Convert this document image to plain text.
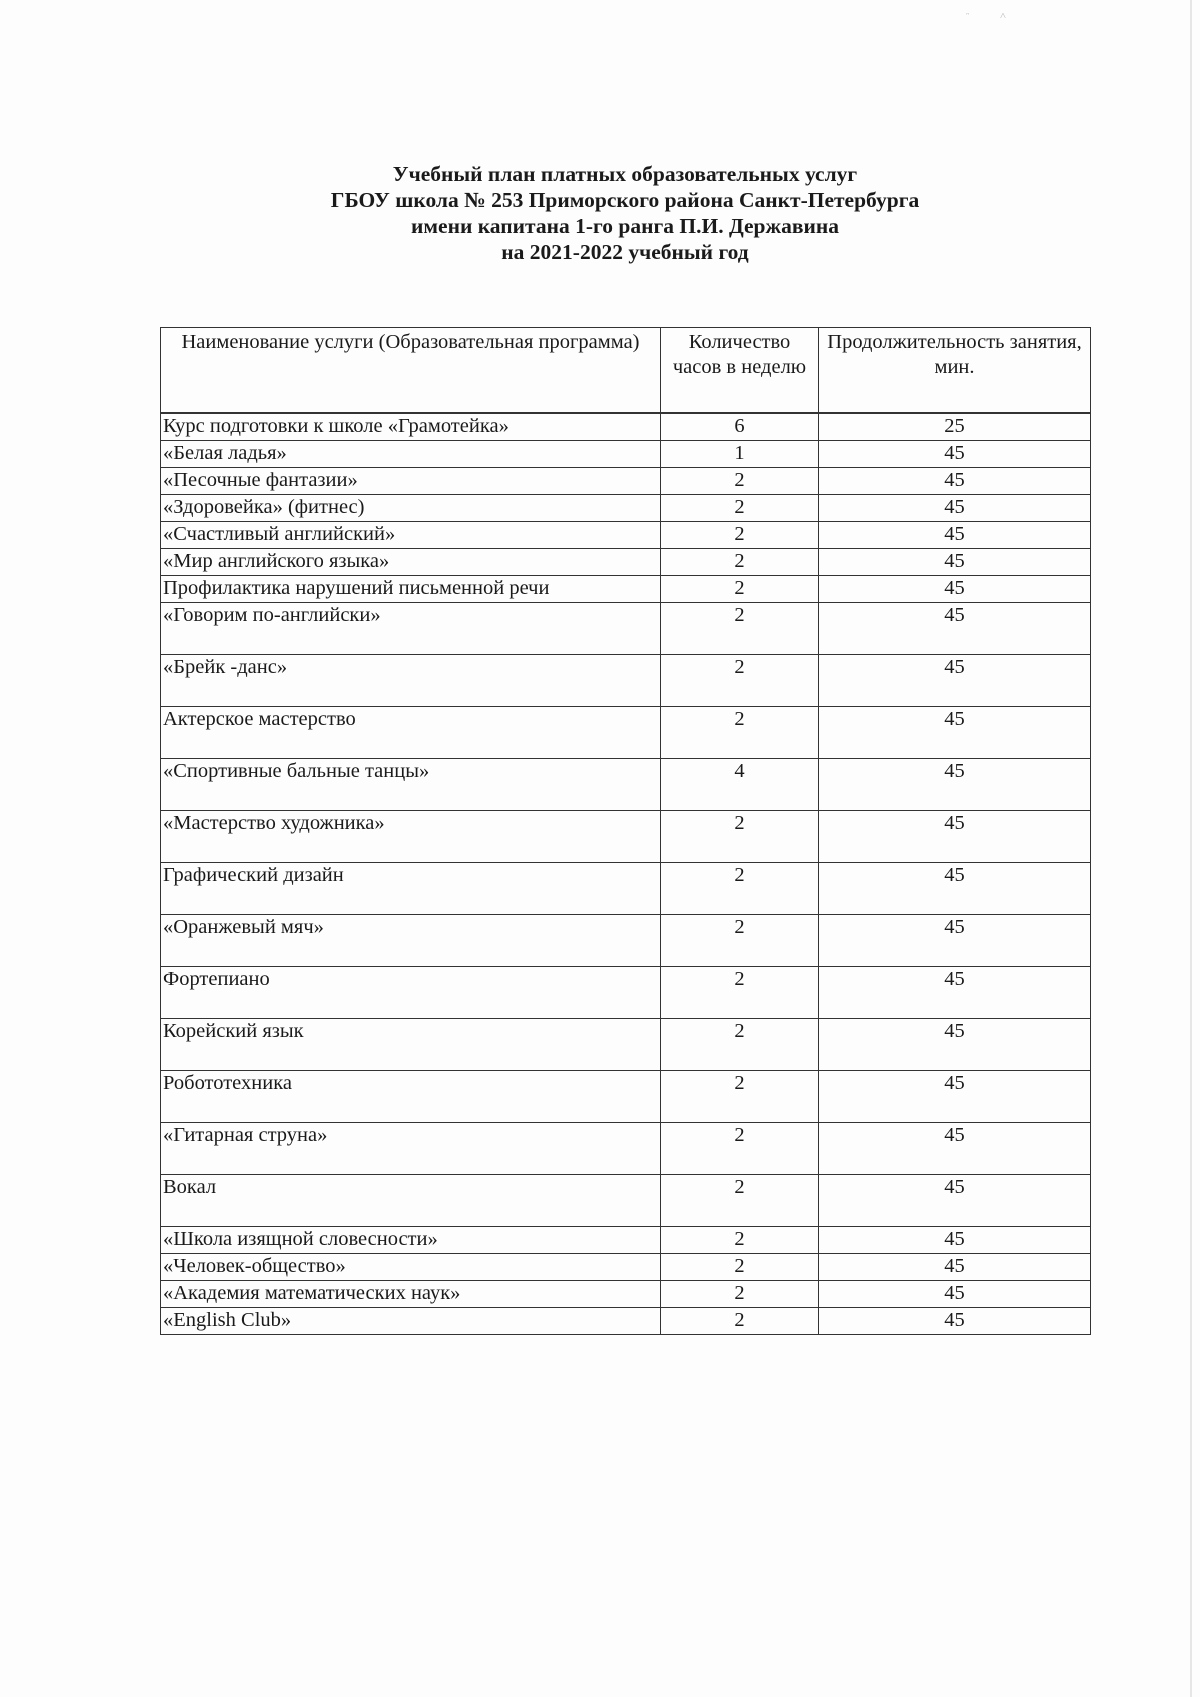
ᵔ ˄
Учебный план платных образовательных услуг
ГБОУ школа № 253 Приморского района Санкт-Петербурга
имени капитана 1-го ранга П.И. Державина
на 2021-2022 учебный год
Наименование услуги (Образовательная программа)	Количество часов в неделю	Продолжительность занятия, мин.
Курс подготовки к школе «Грамотейка»	6	25
«Белая ладья»	1	45
«Песочные фантазии»	2	45
«Здоровейка» (фитнес)	2	45
«Счастливый английский»	2	45
«Мир английского языка»	2	45
Профилактика нарушений письменной речи	2	45
«Говорим по-английски»	2	45
«Брейк -данс»	2	45
Актерское мастерство	2	45
«Спортивные бальные танцы»	4	45
«Мастерство художника»	2	45
Графический дизайн	2	45
«Оранжевый мяч»	2	45
Фортепиано	2	45
Корейский язык	2	45
Робототехника	2	45
«Гитарная струна»	2	45
Вокал	2	45
«Школа изящной словесности»	2	45
«Человек-общество»	2	45
«Академия математических наук»	2	45
«English Club»	2	45
